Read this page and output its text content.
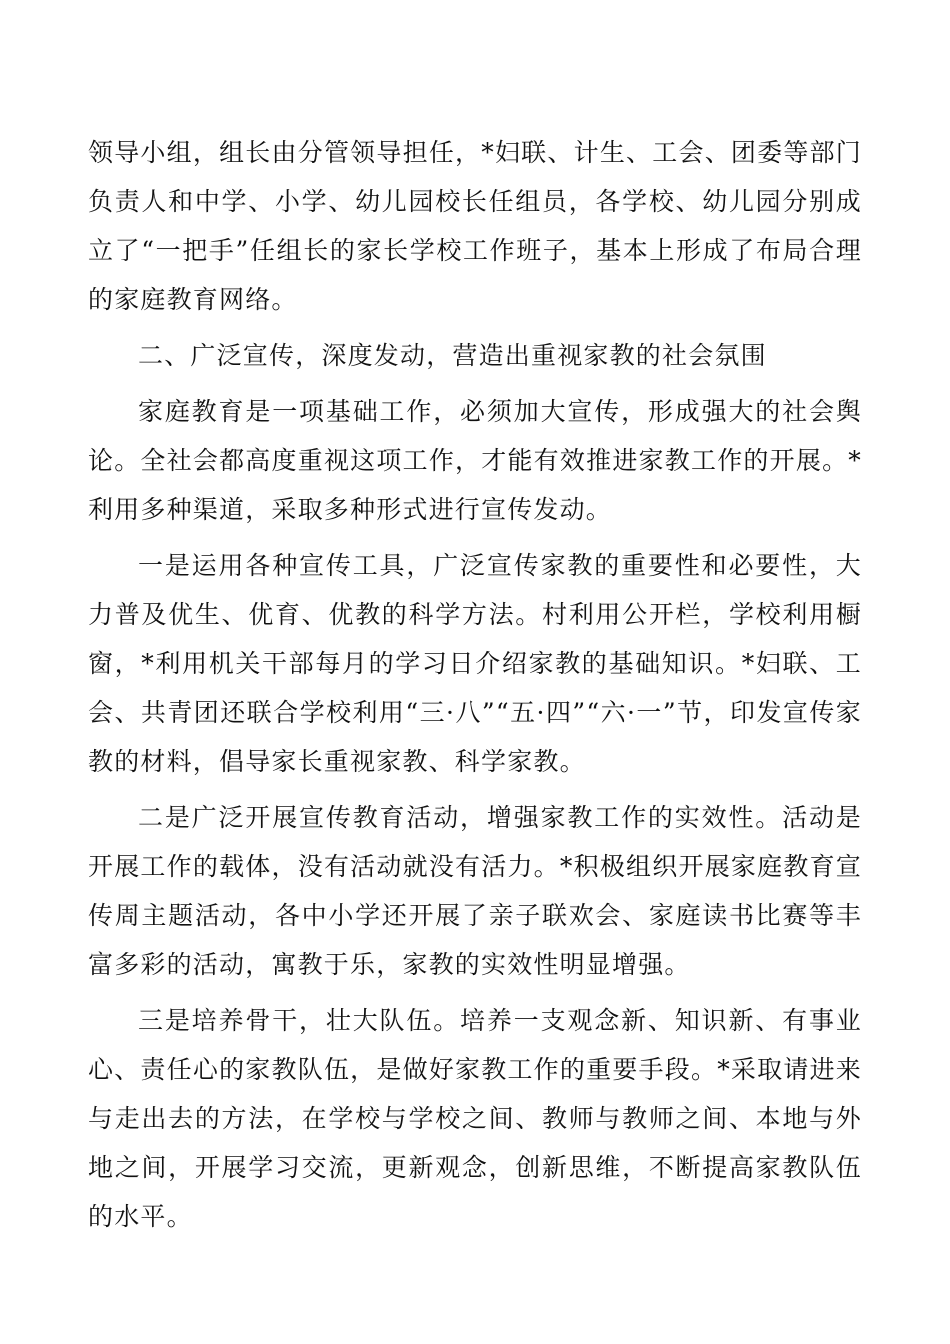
领导小组，组长由分管领导担任，*妇联、计生、工会、团委等部门负责人和中学、小学、幼儿园校长任组员，各学校、幼儿园分别成立了“一把手”任组长的家长学校工作班子，基本上形成了布局合理的家庭教育网络。

二、广泛宣传，深度发动，营造出重视家教的社会氛围

家庭教育是一项基础工作，必须加大宣传，形成强大的社会舆论。全社会都高度重视这项工作，才能有效推进家教工作的开展。*利用多种渠道，采取多种形式进行宣传发动。

一是运用各种宣传工具，广泛宣传家教的重要性和必要性，大力普及优生、优育、优教的科学方法。村利用公开栏，学校利用橱窗，*利用机关干部每月的学习日介绍家教的基础知识。*妇联、工会、共青团还联合学校利用“三·八”“五·四”“六·一”节，印发宣传家教的材料，倡导家长重视家教、科学家教。

二是广泛开展宣传教育活动，增强家教工作的实效性。活动是开展工作的载体，没有活动就没有活力。*积极组织开展家庭教育宣传周主题活动，各中小学还开展了亲子联欢会、家庭读书比赛等丰富多彩的活动，寓教于乐，家教的实效性明显增强。

三是培养骨干，壮大队伍。培养一支观念新、知识新、有事业心、责任心的家教队伍，是做好家教工作的重要手段。*采取请进来与走出去的方法，在学校与学校之间、教师与教师之间、本地与外地之间，开展学习交流，更新观念，创新思维，不断提高家教队伍的水平。
